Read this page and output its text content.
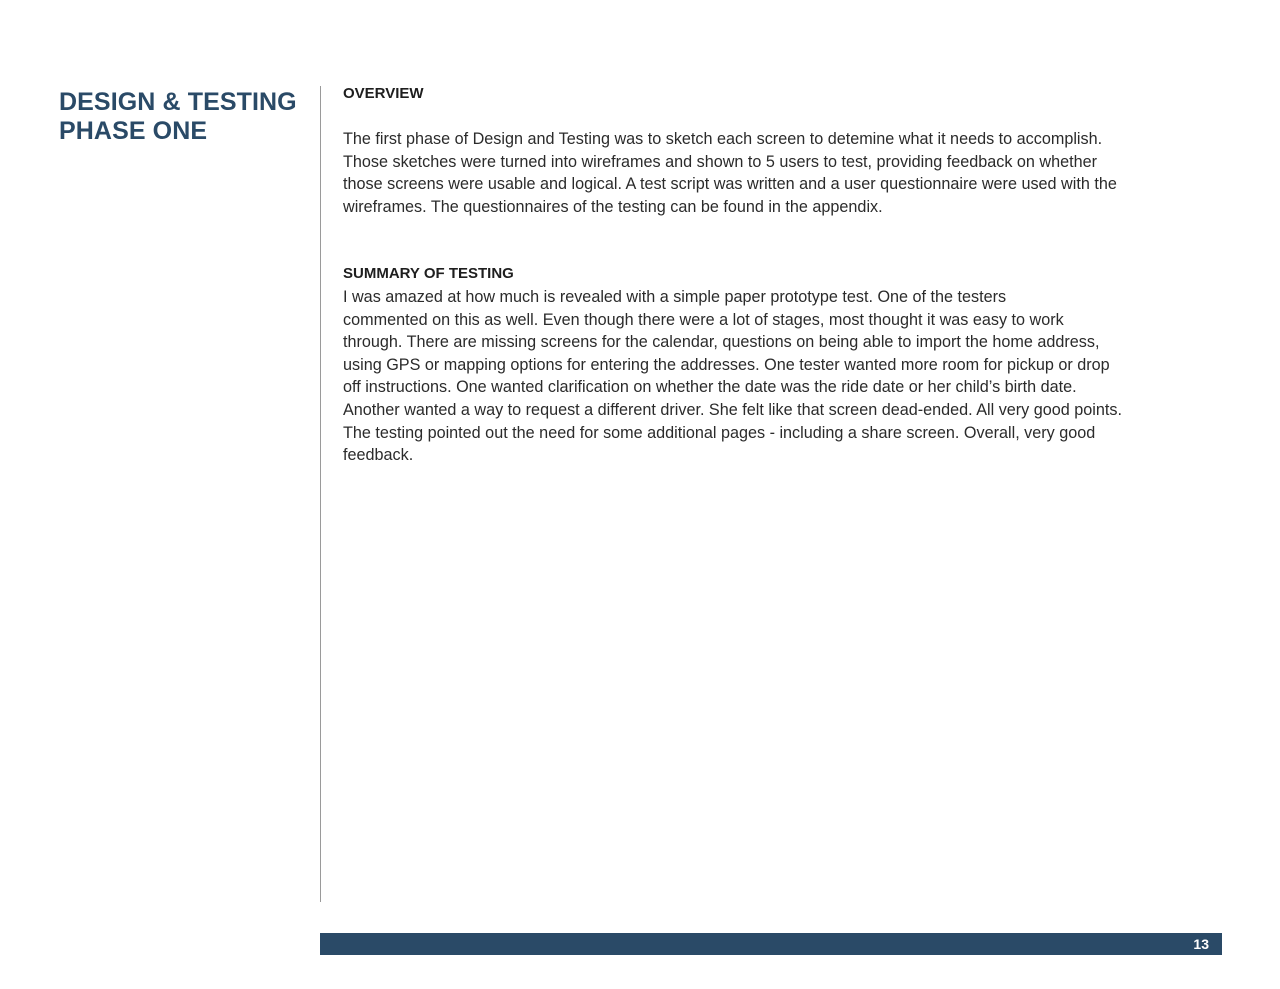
DESIGN & TESTING
PHASE ONE
OVERVIEW

The first phase of Design and Testing was to sketch each screen to detemine what it needs to accomplish.
Those sketches were turned into wireframes and shown to 5 users to test, providing feedback on whether
those screens were usable and logical. A test script was written and a user questionnaire were used with the
wireframes. The questionnaires of the testing can be found in the appendix.

SUMMARY OF TESTING

I was amazed at how much is revealed with a simple paper prototype test. One of the testers
commented on this as well. Even though there were a lot of stages, most thought it was easy to work
through. There are missing screens for the calendar, questions on being able to import the home address,
using GPS or mapping options for entering the addresses. One tester wanted more room for pickup or drop
off instructions. One wanted clarification on whether the date was the ride date or her child’s birth date.
Another wanted a way to request a different driver. She felt like that screen dead-ended. All very good points.
The testing pointed out the need for some additional pages - including a share screen. Overall, very good
feedback.

13
